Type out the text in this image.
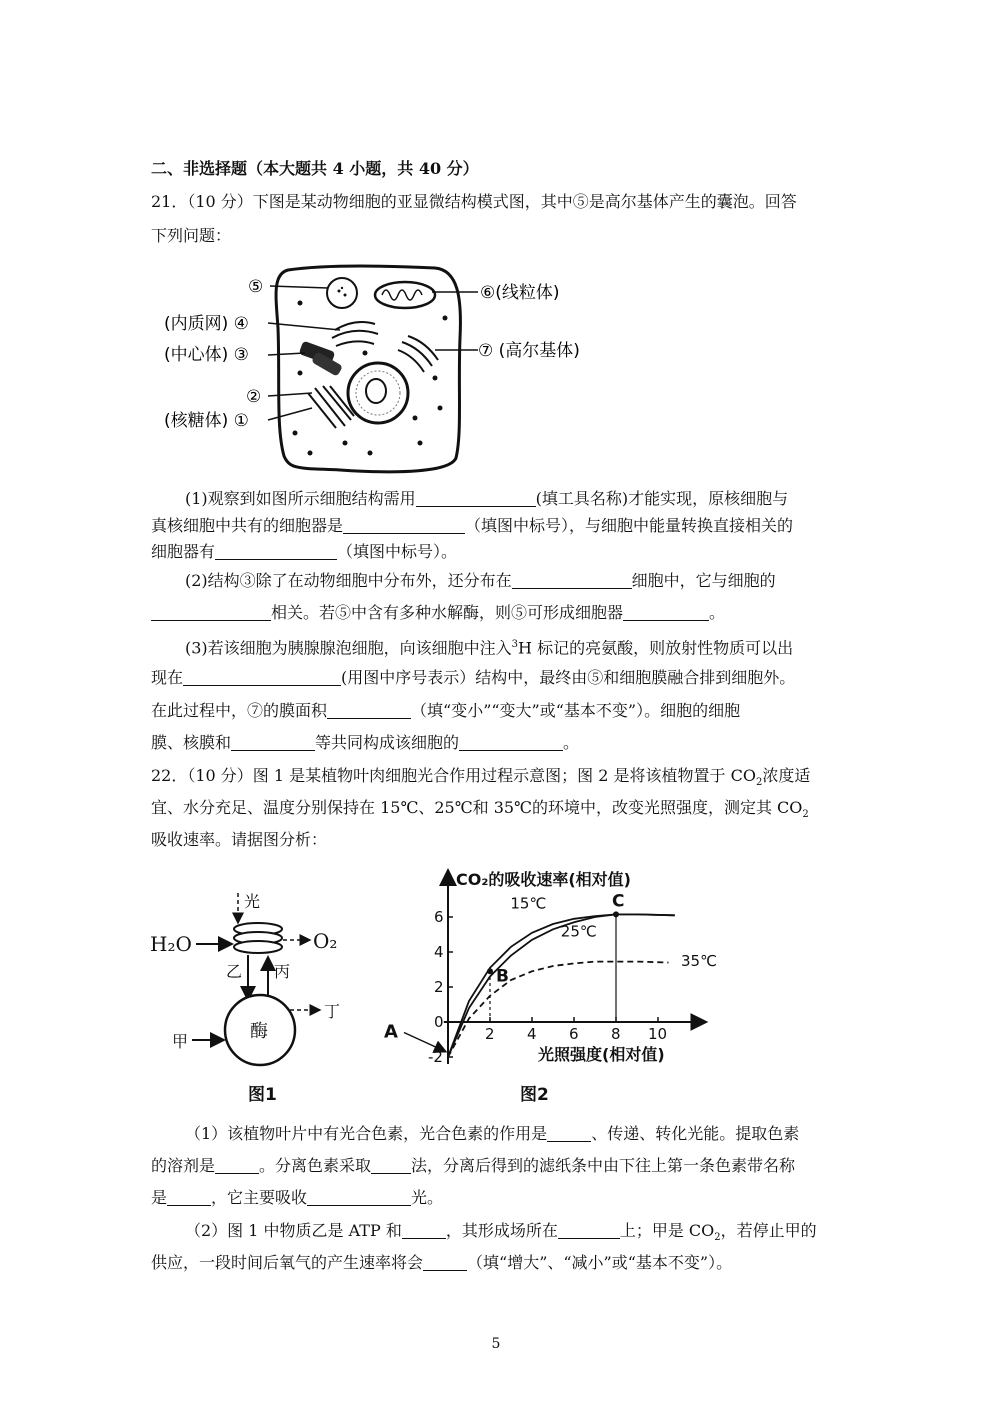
二、非选择题（本大题共 4 小题，共 40 分）
21．（10 分）下图是某动物细胞的亚显微结构模式图，其中⑤是高尔基体产生的囊泡。回答
下列问题：
⑤	⑥(线粒体)
(内质网) ④
(中心体) ③	⑦ (高尔基体)
②
(核糖体) ①
(1)观察到如图所示细胞结构需用	(填工具名称)才能实现，原核细胞与
真核细胞中共有的细胞器是	（填图中标号），与细胞中能量转换直接相关的
细胞器有	（填图中标号）。
(2)结构③除了在动物细胞中分布外，还分布在	细胞中，它与细胞的
相关。若⑤中含有多种水解酶，则⑤可形成细胞器	。
(3)若该细胞为胰腺腺泡细胞，向该细胞中注入$^3$H 标记的亮氨酸，则放射性物质可以出
现在	(用图中序号表示）结构中，最终由⑤和细胞膜融合排到细胞外。
在此过程中，⑦的膜面积	（填“变小”“变大”或“基本不变”）。细胞的细胞
膜、核膜和	等共同构成该细胞的	。
22．（10 分）图 1 是某植物叶肉细胞光合作用过程示意图；图 2 是将该植物置于 $CO_2$浓度适
宜、水分充足、温度分别保持在 15℃、25℃和 35℃的环境中，改变光照强度，测定其 $CO_2$
吸收速率。请据图分析：
光
H₂O	O₂
乙 丙
酶
甲
丁
图1
CO₂的吸收速率(相对值)
光照强度(相对值)
2 4 6 8 10
-2
0
2
4
6
15℃
25℃
35℃
B
C
A
图2
（1）该植物叶片中有光合色素，光合色素的作用是	、传递、转化光能。提取色素
的溶剂是	。分离色素采取	法，分离后得到的滤纸条中由下往上第一条色素带名称
是	，它主要吸收	光。
（2）图 1 中物质乙是 ATP 和	，其形成场所在	上；甲是 $CO_2$，若停止甲的
供应，一段时间后氧气的产生速率将会	（填“增大”、“减小”或“基本不变”）。
5
